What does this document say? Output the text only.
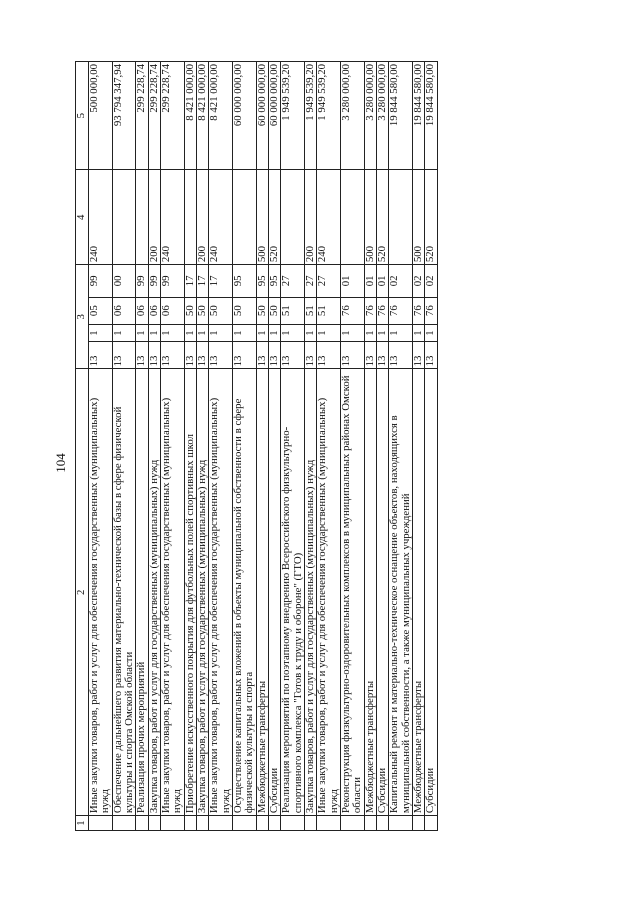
104
1	2	3				4	5
	Иные закупки товаров, работ и услуг для обеспечения государственных (муниципальных) нужд	13	1	05	99	240	500 000,00
	Обеспечение дальнейшего развития материально-технической базы в сфере физической культуры и спорта Омской области	13	1	06	00		93 794 347,94
	Реализация прочих мероприятий	13	1	06	99		299 228,74
	Закупка товаров, работ и услуг для государственных (муниципальных) нужд	13	1	06	99	200	299 228,74
	Иные закупки товаров, работ и услуг для обеспечения государственных (муниципальных) нужд	13	1	06	99	240	299 228,74
	Приобретение искусственного покрытия для футбольных полей спортивных школ	13	1	50	17		8 421 000,00
	Закупка товаров, работ и услуг для государственных (муниципальных) нужд	13	1	50	17	200	8 421 000,00
	Иные закупки товаров, работ и услуг для обеспечения государственных (муниципальных) нужд	13	1	50	17	240	8 421 000,00
	Осуществление капитальных вложений в объекты муниципальной собственности в сфере физической культуры и спорта	13	1	50	95		60 000 000,00
	Межбюджетные трансферты	13	1	50	95	500	60 000 000,00
	Субсидии	13	1	50	95	520	60 000 000,00
	Реализация мероприятий по поэтапному внедрению Всероссийского физкультурно-спортивного комплекса "Готов к труду и обороне" (ГТО)	13	1	51	27		1 949 539,20
	Закупка товаров, работ и услуг для государственных (муниципальных) нужд	13	1	51	27	200	1 949 539,20
	Иные закупки товаров, работ и услуг для обеспечения государственных (муниципальных) нужд	13	1	51	27	240	1 949 539,20
	Реконструкция физкультурно-оздоровительных комплексов в муниципальных районах Омской области	13	1	76	01		3 280 000,00
	Межбюджетные трансферты	13	1	76	01	500	3 280 000,00
	Субсидии	13	1	76	01	520	3 280 000,00
	Капитальный ремонт и материально-техническое оснащение объектов, находящихся в муниципальной собственности, а также муниципальных учреждений	13	1	76	02		19 844 580,00
	Межбюджетные трансферты	13	1	76	02	500	19 844 580,00
	Субсидии	13	1	76	02	520	19 844 580,00
